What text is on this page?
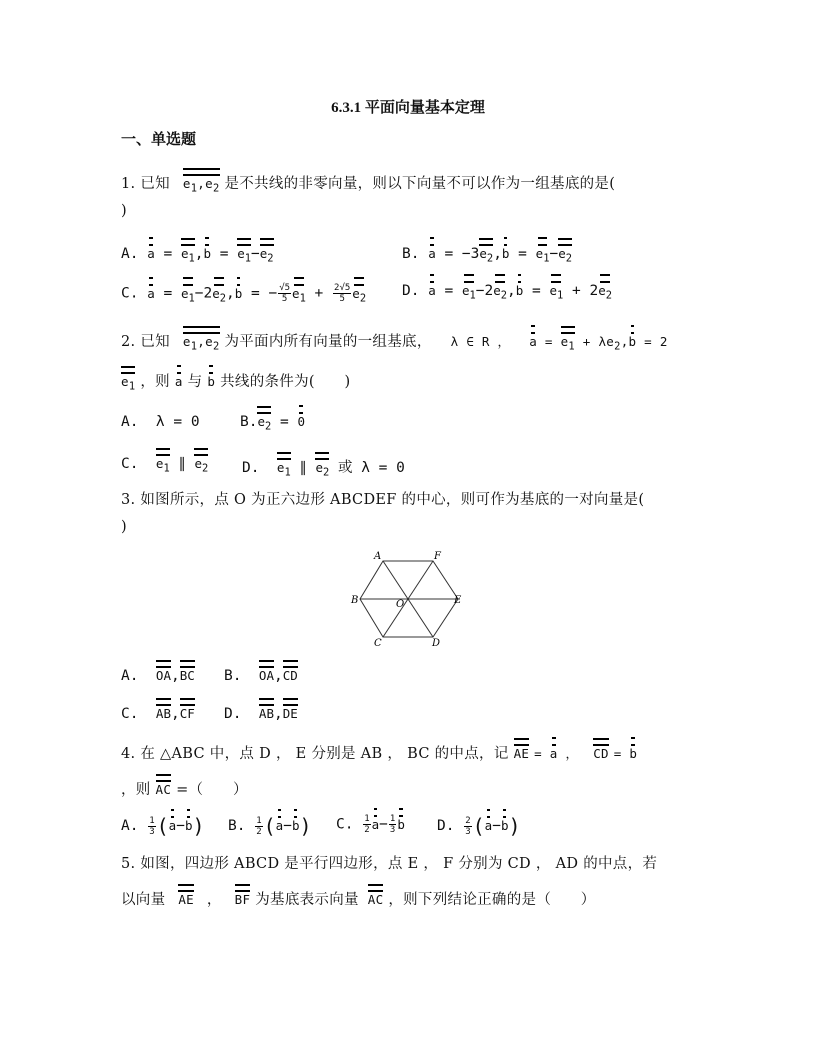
6.3.1 平面向量基本定理
一、单选题
1. 已知 $e_1,e_2$ 是不共线的非零向量，则以下向量不可以作为一组基底的是(
)
A. $a = e_1,b = e_1-e_2$	B. $a = -3e_2,b = e_1-e_2$
C. $a = e_1-2e_2,b$ = − $\frac{√5}{5} e_1 + \frac{2√5}{5} e_2$ D. $a = e_1-2e_2,b = e_1 + 2e_2$
2. 已知 $e_1,e_2$ 为平面内所有向量的一组基底， λ ∈ R ， $a = e_1 + \lambda e_2,b = 2$
$e_1$ ，则 a 与 b 共线的条件为(　　)
A.  λ = 0	$B.e_2 = 0$
C.  $e_1$ ∥ $e_2$ D.  $e_1$ ∥ $e_2$ 或 λ = 0
3. 如图所示，点 O 为正六边形 ABCDEF 的中心，则可作为基底的一对向量是(
)
A	F
B	O	E
C	D
A.  OA,BC B.  OA,CD
C.  AB,CF D.  AB,DE
4. 在 △ABC 中，点 D ， E 分别是 AB ， BC 的中点，记 AE = a ， CD = b
，则 AC =（　　）
A. $\frac{1}{3} (a-b)$ B. $\frac{1}{2} (a-b)$ C. $\frac{1}{2} a- \frac{1}{3}$ b D. $\frac{2}{3} (a-b)$
5. 如图，四边形 ABCD 是平行四边形，点 E ， F 分别为 CD ， AD 的中点，若
以向量 AE ， BF 为基底表示向量 AC ，则下列结论正确的是（　　）
